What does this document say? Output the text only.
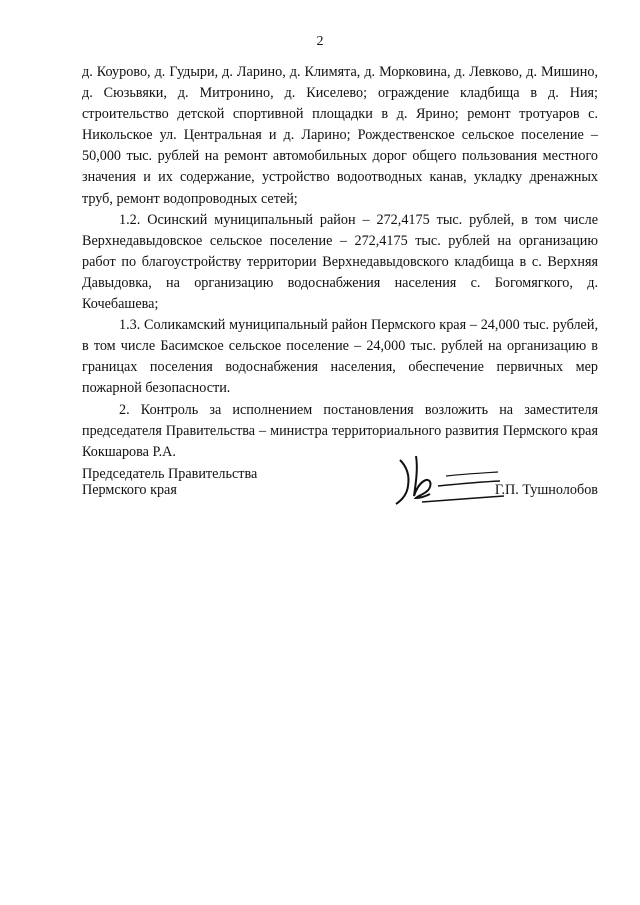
2

д. Коурово, д. Гудыри, д. Ларино, д. Климята, д. Морковина, д. Левково, д. Мишино, д. Сюзьвяки, д. Митронино, д. Киселево; ограждение кладбища в д. Ния; строительство детской спортивной площадки в д. Ярино; ремонт тротуаров с. Никольское ул. Центральная и д. Ларино; Рождественское сельское поселение – 50,000 тыс. рублей на ремонт автомобильных дорог общего пользования местного значения и их содержание, устройство водоотводных канав, укладку дренажных труб, ремонт водопроводных сетей;

1.2. Осинский муниципальный район – 272,4175 тыс. рублей, в том числе Верхнедавыдовское сельское поселение – 272,4175 тыс. рублей на организацию работ по благоустройству территории Верхнедавыдовского кладбища в с. Верхняя Давыдовка, на организацию водоснабжения населения с. Богомягкого, д. Кочебашева;

1.3. Соликамский муниципальный район Пермского края – 24,000 тыс. рублей, в том числе Басимское сельское поселение – 24,000 тыс. рублей на организацию в границах поселения водоснабжения населения, обеспечение первичных мер пожарной безопасности.

2. Контроль за исполнением постановления возложить на заместителя председателя Правительства – министра территориального развития Пермского края Кокшарова Р.А.

Председатель Правительства
Пермского края	Г.П. Тушнолобов
